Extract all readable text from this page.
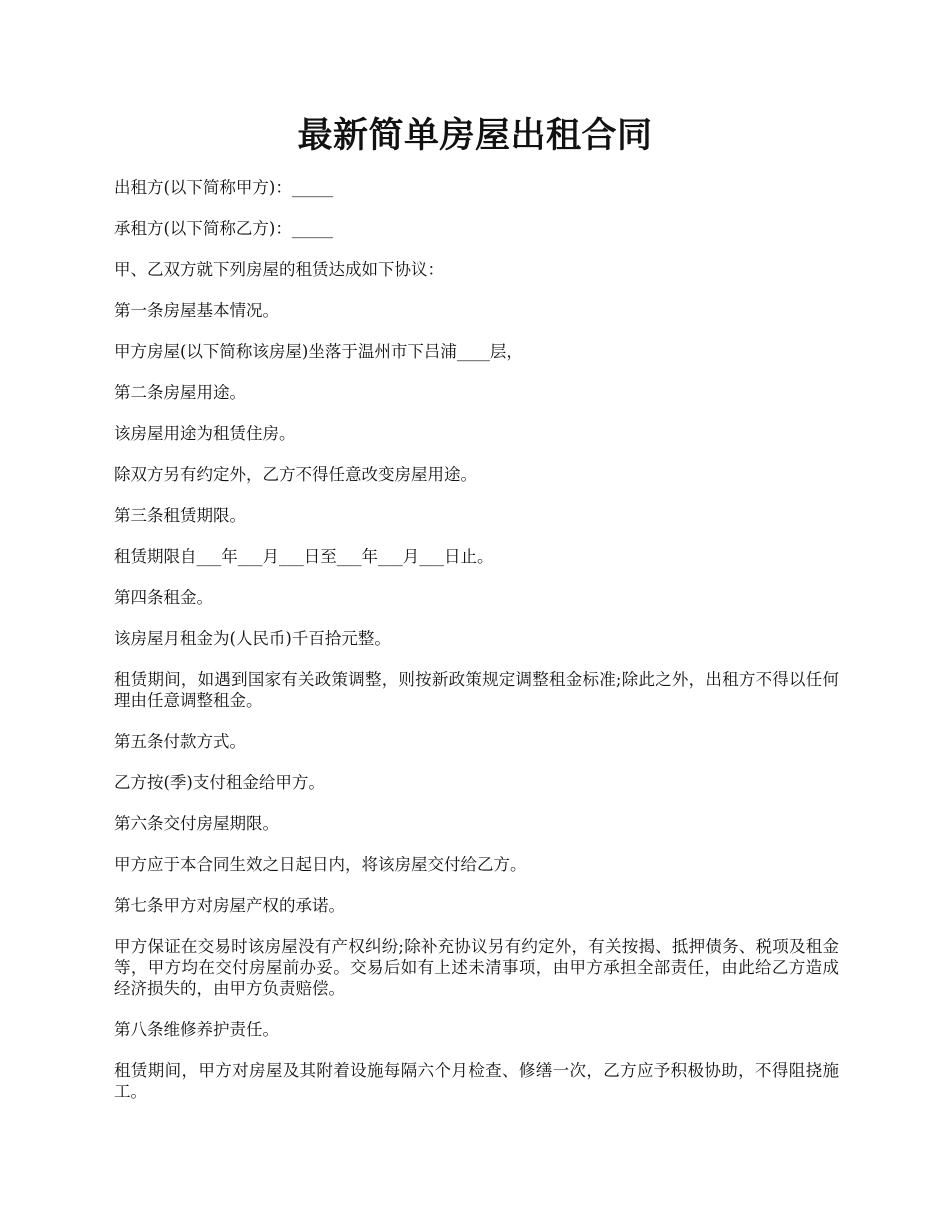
最新简单房屋出租合同

出租方(以下简称甲方)：_____

承租方(以下简称乙方)：_____

甲、乙双方就下列房屋的租赁达成如下协议：

第一条房屋基本情况。

甲方房屋(以下简称该房屋)坐落于温州市下吕浦____层，

第二条房屋用途。

该房屋用途为租赁住房。

除双方另有约定外，乙方不得任意改变房屋用途。

第三条租赁期限。

租赁期限自___年___月___日至___年___月___日止。

第四条租金。

该房屋月租金为(人民币)千百拾元整。

租赁期间，如遇到国家有关政策调整，则按新政策规定调整租金标准;除此之外，出租方不得以任何理由任意调整租金。

第五条付款方式。

乙方按(季)支付租金给甲方。

第六条交付房屋期限。

甲方应于本合同生效之日起日内，将该房屋交付给乙方。

第七条甲方对房屋产权的承诺。

甲方保证在交易时该房屋没有产权纠纷;除补充协议另有约定外，有关按揭、抵押债务、税项及租金等，甲方均在交付房屋前办妥。交易后如有上述未清事项，由甲方承担全部责任，由此给乙方造成经济损失的，由甲方负责赔偿。

第八条维修养护责任。

租赁期间，甲方对房屋及其附着设施每隔六个月检查、修缮一次，乙方应予积极协助，不得阻挠施工。
